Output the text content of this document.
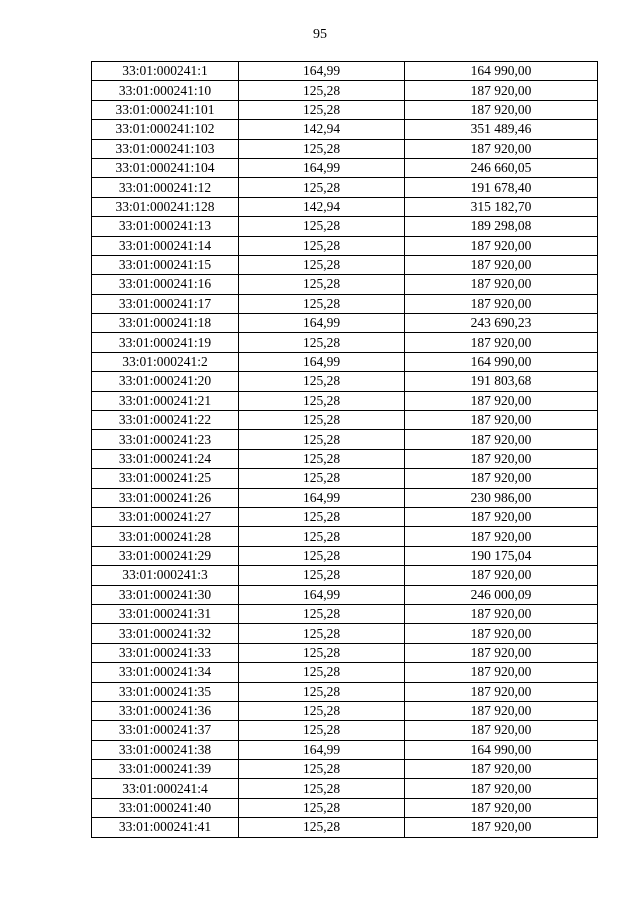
95
33:01:000241:1	164,99	164 990,00
33:01:000241:10	125,28	187 920,00
33:01:000241:101	125,28	187 920,00
33:01:000241:102	142,94	351 489,46
33:01:000241:103	125,28	187 920,00
33:01:000241:104	164,99	246 660,05
33:01:000241:12	125,28	191 678,40
33:01:000241:128	142,94	315 182,70
33:01:000241:13	125,28	189 298,08
33:01:000241:14	125,28	187 920,00
33:01:000241:15	125,28	187 920,00
33:01:000241:16	125,28	187 920,00
33:01:000241:17	125,28	187 920,00
33:01:000241:18	164,99	243 690,23
33:01:000241:19	125,28	187 920,00
33:01:000241:2	164,99	164 990,00
33:01:000241:20	125,28	191 803,68
33:01:000241:21	125,28	187 920,00
33:01:000241:22	125,28	187 920,00
33:01:000241:23	125,28	187 920,00
33:01:000241:24	125,28	187 920,00
33:01:000241:25	125,28	187 920,00
33:01:000241:26	164,99	230 986,00
33:01:000241:27	125,28	187 920,00
33:01:000241:28	125,28	187 920,00
33:01:000241:29	125,28	190 175,04
33:01:000241:3	125,28	187 920,00
33:01:000241:30	164,99	246 000,09
33:01:000241:31	125,28	187 920,00
33:01:000241:32	125,28	187 920,00
33:01:000241:33	125,28	187 920,00
33:01:000241:34	125,28	187 920,00
33:01:000241:35	125,28	187 920,00
33:01:000241:36	125,28	187 920,00
33:01:000241:37	125,28	187 920,00
33:01:000241:38	164,99	164 990,00
33:01:000241:39	125,28	187 920,00
33:01:000241:4	125,28	187 920,00
33:01:000241:40	125,28	187 920,00
33:01:000241:41	125,28	187 920,00
